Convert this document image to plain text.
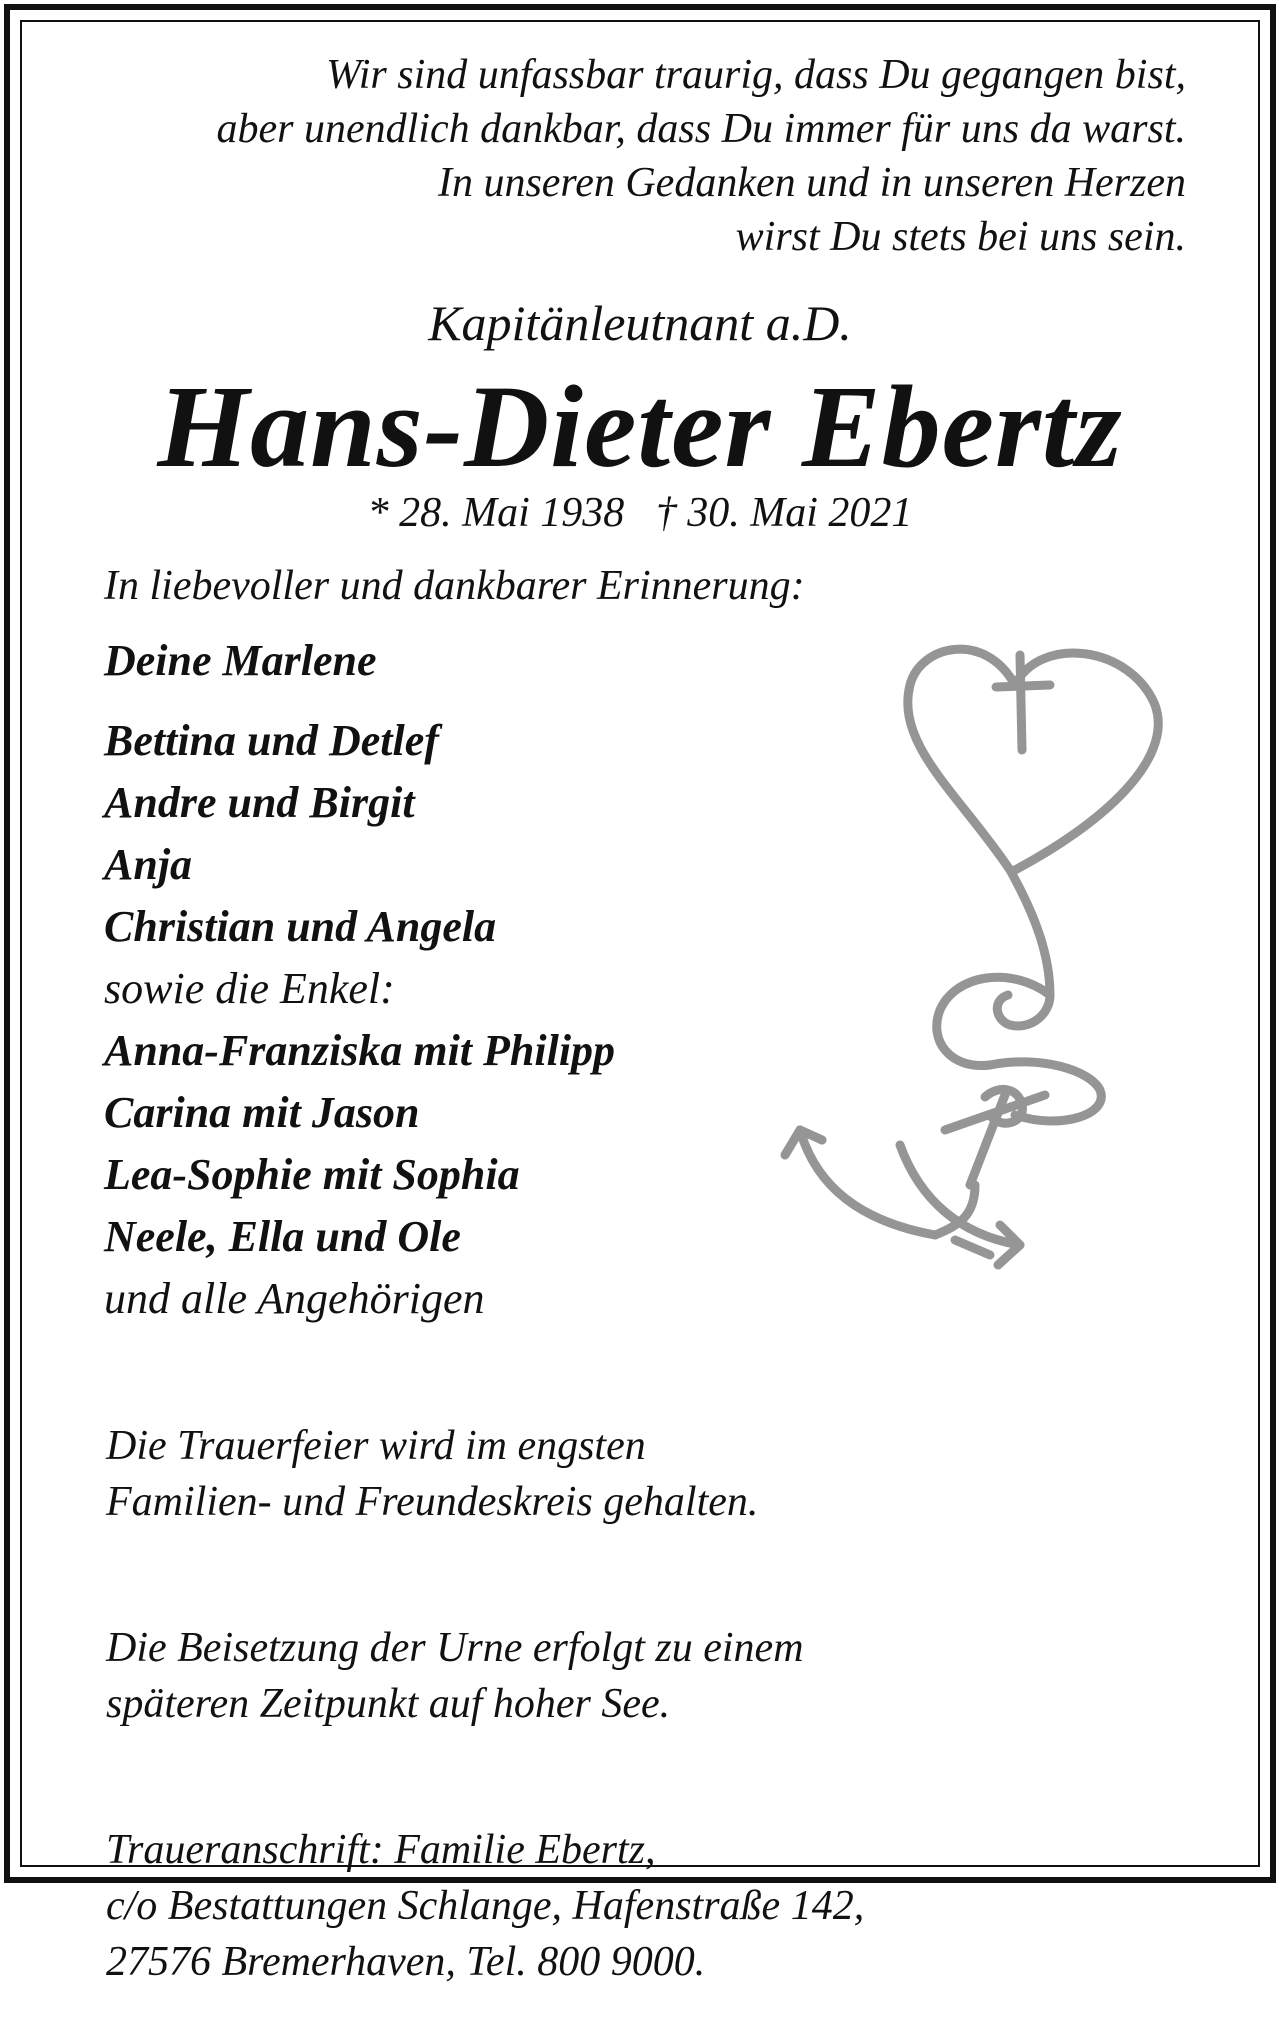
Wir sind unfassbar traurig, dass Du gegangen bist,
aber unendlich dankbar, dass Du immer für uns da warst.
In unseren Gedanken und in unseren Herzen
wirst Du stets bei uns sein.
Kapitänleutnant a.D.
Hans-Dieter Ebertz
* 28. Mai 1938   † 30. Mai 2021
In liebevoller und dankbarer Erinnerung:
Deine Marlene
Bettina und Detlef
Andre und Birgit
Anja
Christian und Angela
sowie die Enkel:
Anna-Franziska mit Philipp
Carina mit Jason
Lea-Sophie mit Sophia
Neele, Ella und Ole
und alle Angehörigen

Die Trauerfeier wird im engsten
Familien- und Freundeskreis gehalten.

Die Beisetzung der Urne erfolgt zu einem
späteren Zeitpunkt auf hoher See.

Traueranschrift: Familie Ebertz,
c/o Bestattungen Schlange, Hafenstraße 142,
27576 Bremerhaven, Tel. 800 9000.
